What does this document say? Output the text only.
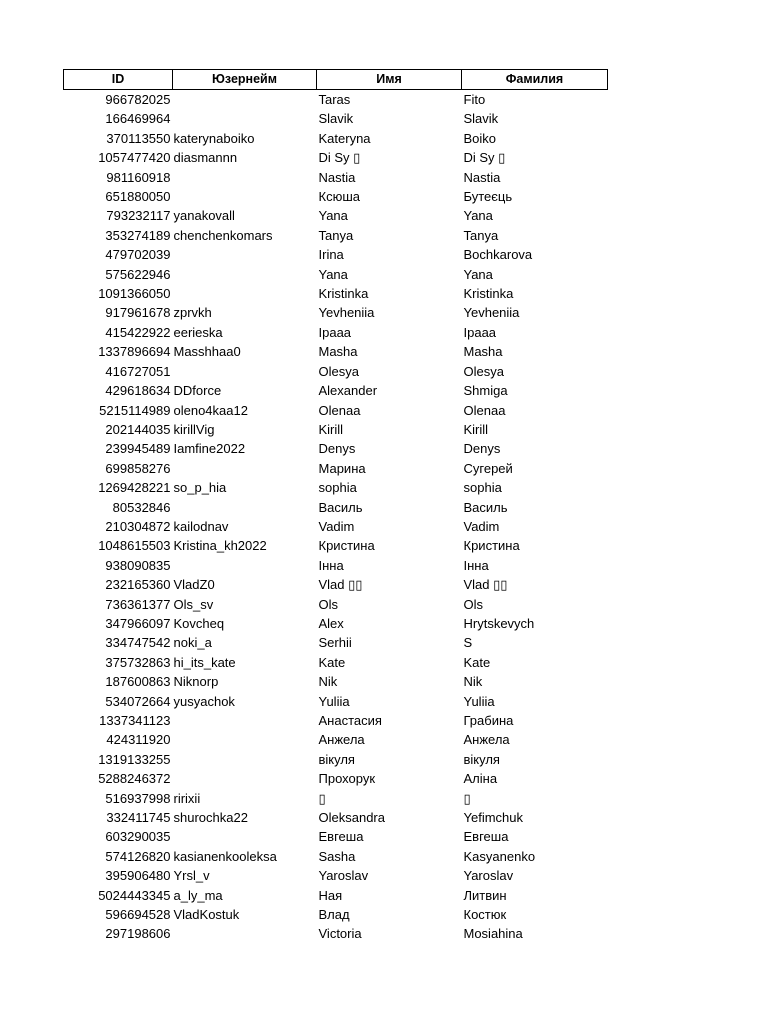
ID	Юзернейм	Имя	Фамилия
966782025		Taras	Fito
166469964		Slavik	Slavik
370113550	katerynaboiko	Kateryna	Boiko
1057477420	diasmannn	Di Sy ▯	Di Sy ▯
981160918		Nastia	Nastia
651880050		Ксюша	Бутеєць
793232117	yanakovall	Yana	Yana
353274189	chenchenkomars	Tanya	Tanya
479702039		Irina	Bochkarova
575622946		Yana	Yana
1091366050		Kristinka	Kristinka
917961678	zprvkh	Yevheniia	Yevheniia
415422922	eerieska	Ірааа	Ірааа
1337896694	Masshhaa0	Masha	Masha
416727051		Olesya	Olesya
429618634	DDforce	Alexander	Shmiga
5215114989	oleno4kaa12	Olenaa	Olenaa
202144035	kirillVig	Kirill	Kirill
239945489	Iamfine2022	Denys	Denys
699858276		Марина	Сугерей
1269428221	so_p_hia	sophia	sophia
80532846		Василь	Василь
210304872	kailodnav	Vadim	Vadim
1048615503	Kristina_kh2022	Кристина	Кристина
938090835		Інна	Інна
232165360	VladZ0	Vlad ▯▯	Vlad ▯▯
736361377	Ols_sv	Ols	Ols
347966097	Kovcheq	Alex	Hrytskevych
334747542	noki_a	Serhii	S
375732863	hi_its_kate	Kate	Kate
187600863	Niknorp	Nik	Nik
534072664	yusyachok	Yuliia	Yuliia
1337341123		Анастасия	Грабина
424311920		Анжела	Анжела
1319133255		вікуля	вікуля
5288246372		Прохорук	Аліна
516937998	ririxii	▯	▯
332411745	shurochka22	Oleksandra	Yefimchuk
603290035		Евгеша	Евгеша
574126820	kasianenkooleksa	Sasha	Kasyanenko
395906480	Yrsl_v	Yaroslav	Yaroslav
5024443345	a_ly_ma	Ная	Литвин
596694528	VladKostuk	Влад	Костюк
297198606		Victoria	Mosiahina
